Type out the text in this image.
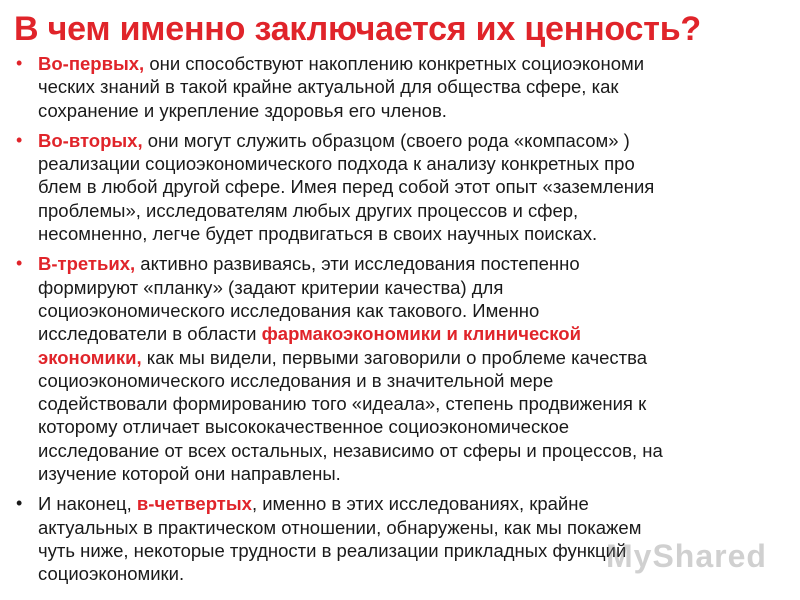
В чем именно заключается их ценность?
• Во-первых, они способствуют накоплению конкретных социоэкономи
ческих знаний в такой крайне актуальной для общества сфере, как
сохранение и укрепление здоровья его членов.
• Во-вторых, они могут служить образцом (своего рода «компасом» )
реализации социоэкономического подхода к анализу конкретных про
блем в любой другой сфере. Имея перед собой этот опыт «заземления
проблемы», исследователям любых других процессов и сфер,
несомненно, легче будет продвигаться в своих научных поисках.
• В-третьих, активно развиваясь, эти исследования постепенно
формируют «планку» (задают критерии качества) для
социоэкономического исследования как такового. Именно
исследователи в области фармакоэкономики и клинической
экономики, как мы видели, первыми заговорили о проблеме качества
социоэкономического исследования и в значительной мере
содействовали формированию того «идеала», степень продвижения к
которому отличает высококачественное социоэкономическое
исследование от всех остальных, независимо от сферы и процессов, на
изучение которой они направлены.
• И наконец, в-четвертых, именно в этих исследованиях, крайне
актуальных в практическом отношении, обнаружены, как мы покажем
чуть ниже, некоторые трудности в реализации прикладных функций
социоэкономики.	MyShared
